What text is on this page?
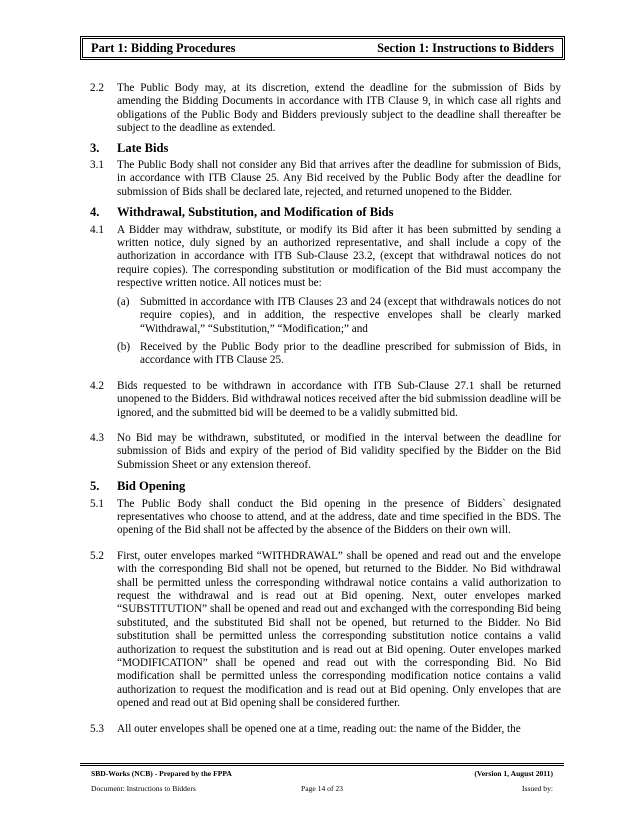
Part 1: Bidding Procedures	Section 1: Instructions to Bidders
2.2	The Public Body may, at its discretion, extend the deadline for the submission of Bids by amending the Bidding Documents in accordance with ITB Clause 9, in which case all rights and obligations of the Public Body and Bidders previously subject to the deadline shall thereafter be subject to the deadline as extended.
3.	Late Bids
3.1	The Public Body shall not consider any Bid that arrives after the deadline for submission of Bids, in accordance with ITB Clause 25. Any Bid received by the Public Body after the deadline for submission of Bids shall be declared late, rejected, and returned unopened to the Bidder.
4.	Withdrawal, Substitution, and Modification of Bids
4.1	A Bidder may withdraw, substitute, or modify its Bid after it has been submitted by sending a written notice, duly signed by an authorized representative, and shall include a copy of the authorization in accordance with ITB Sub-Clause 23.2, (except that withdrawal notices do not require copies). The corresponding substitution or modification of the Bid must accompany the respective written notice. All notices must be:
(a) Submitted in accordance with ITB Clauses 23 and 24 (except that withdrawals notices do not require copies), and in addition, the respective envelopes shall be clearly marked “Withdrawal,” “Substitution,” “Modification;” and
(b) Received by the Public Body prior to the deadline prescribed for submission of Bids, in accordance with ITB Clause 25.
4.2	Bids requested to be withdrawn in accordance with ITB Sub-Clause 27.1 shall be returned unopened to the Bidders. Bid withdrawal notices received after the bid submission deadline will be ignored, and the submitted bid will be deemed to be a validly submitted bid.
4.3	No Bid may be withdrawn, substituted, or modified in the interval between the deadline for submission of Bids and expiry of the period of Bid validity specified by the Bidder on the Bid Submission Sheet or any extension thereof.
5.	Bid Opening
5.1	The Public Body shall conduct the Bid opening in the presence of Bidders` designated representatives who choose to attend, and at the address, date and time specified in the BDS. The opening of the Bid shall not be affected by the absence of the Bidders on their own will.
5.2	First, outer envelopes marked “WITHDRAWAL” shall be opened and read out and the envelope with the corresponding Bid shall not be opened, but returned to the Bidder. No Bid withdrawal shall be permitted unless the corresponding withdrawal notice contains a valid authorization to request the withdrawal and is read out at Bid opening. Next, outer envelopes marked “SUBSTITUTION” shall be opened and read out and exchanged with the corresponding Bid being substituted, and the substituted Bid shall not be opened, but returned to the Bidder. No Bid substitution shall be permitted unless the corresponding substitution notice contains a valid authorization to request the substitution and is read out at Bid opening. Outer envelopes marked “MODIFICATION” shall be opened and read out with the corresponding Bid. No Bid modification shall be permitted unless the corresponding modification notice contains a valid authorization to request the modification and is read out at Bid opening. Only envelopes that are opened and read out at Bid opening shall be considered further.
5.3	All outer envelopes shall be opened one at a time, reading out: the name of the Bidder, the
SBD-Works (NCB) - Prepared by the FPPA	(Version 1, August 2011)
Document: Instructions to Bidders	Page 14 of 23	Issued by:
